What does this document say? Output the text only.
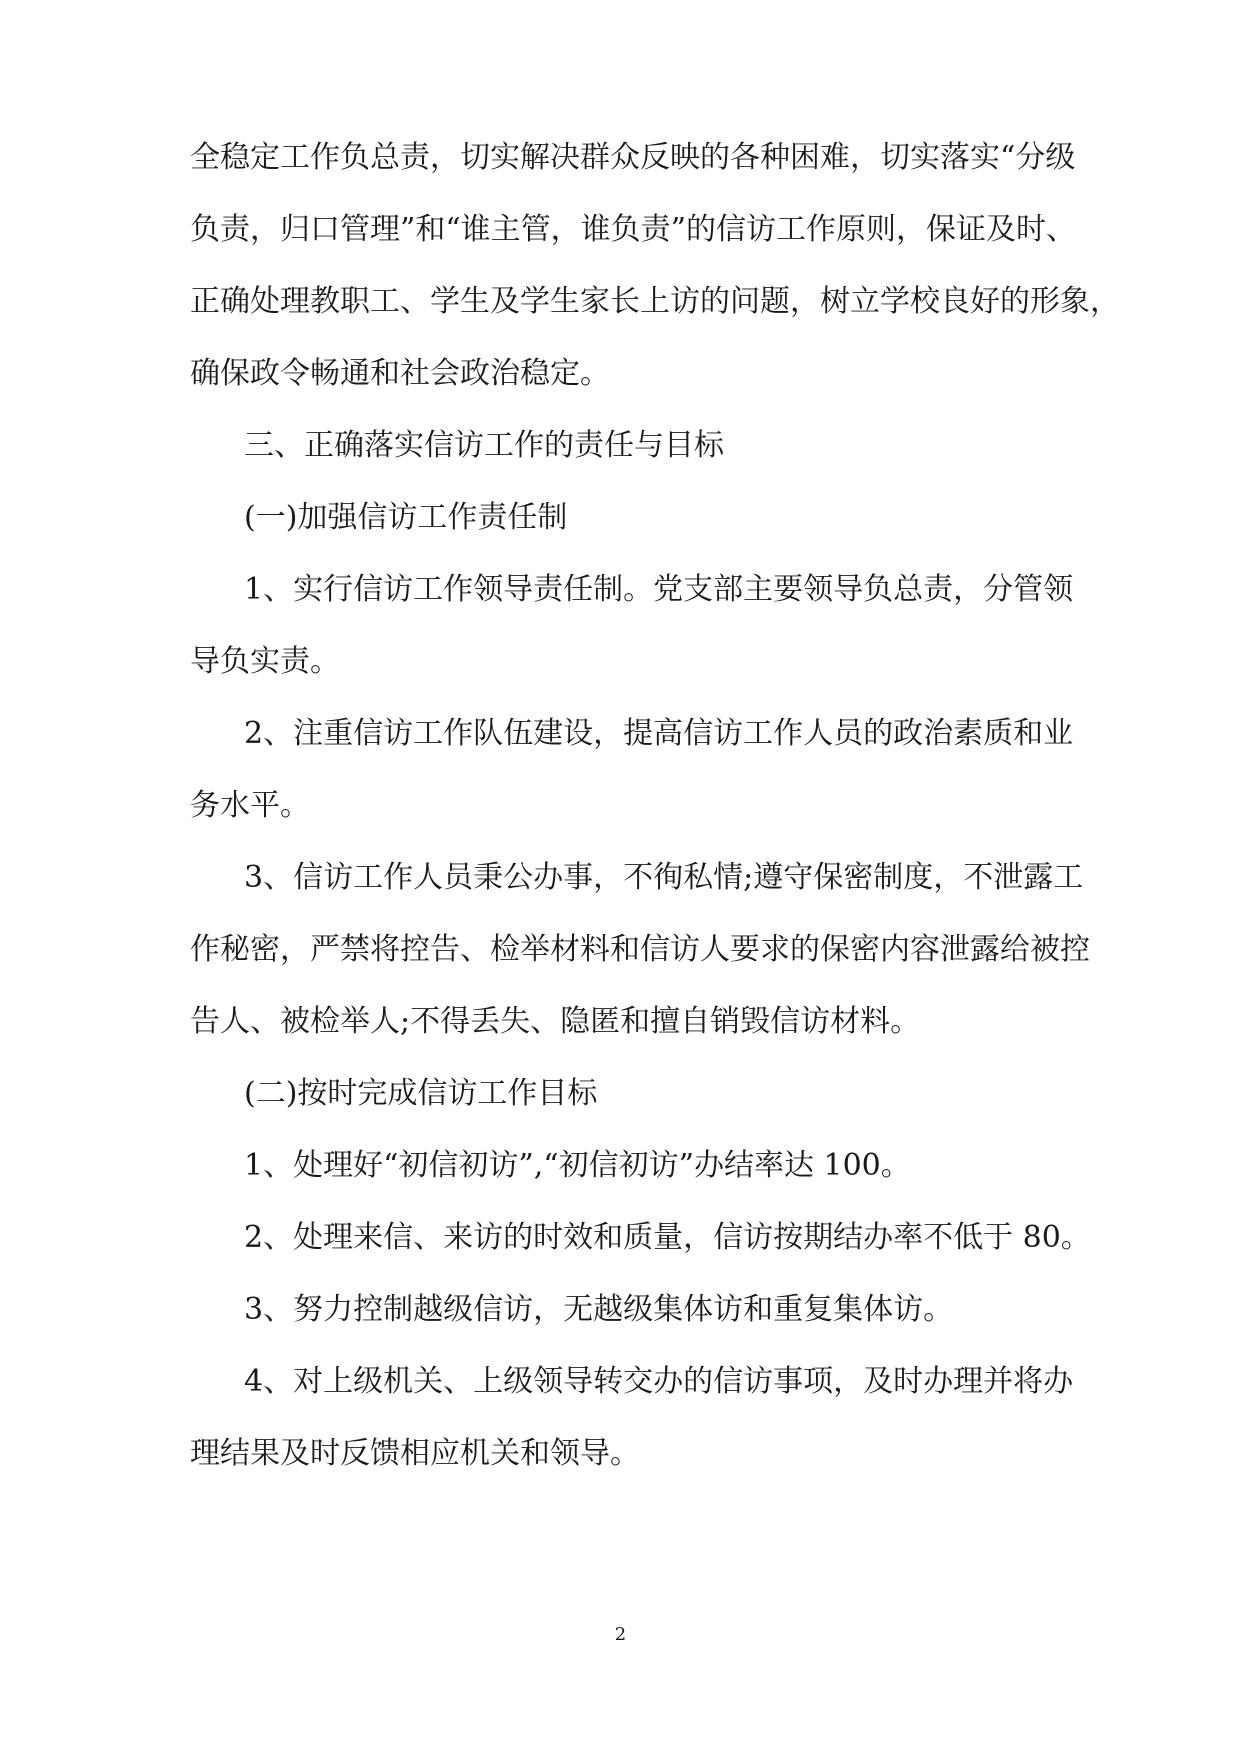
全稳定工作负总责，切实解决群众反映的各种困难，切实落实“分级
负责，归口管理”和“谁主管，谁负责”的信访工作原则，保证及时、
正确处理教职工、学生及学生家长上访的问题，树立学校良好的形象，
确保政令畅通和社会政治稳定。
三、正确落实信访工作的责任与目标
(一)加强信访工作责任制
1、实行信访工作领导责任制。党支部主要领导负总责，分管领
导负实责。
2、注重信访工作队伍建设，提高信访工作人员的政治素质和业
务水平。
3、信访工作人员秉公办事，不徇私情;遵守保密制度，不泄露工
作秘密，严禁将控告、检举材料和信访人要求的保密内容泄露给被控
告人、被检举人;不得丢失、隐匿和擅自销毁信访材料。
(二)按时完成信访工作目标
1、处理好“初信初访”,“初信初访”办结率达 100。
2、处理来信、来访的时效和质量，信访按期结办率不低于 80。
3、努力控制越级信访，无越级集体访和重复集体访。
4、对上级机关、上级领导转交办的信访事项，及时办理并将办
理结果及时反馈相应机关和领导。
2
